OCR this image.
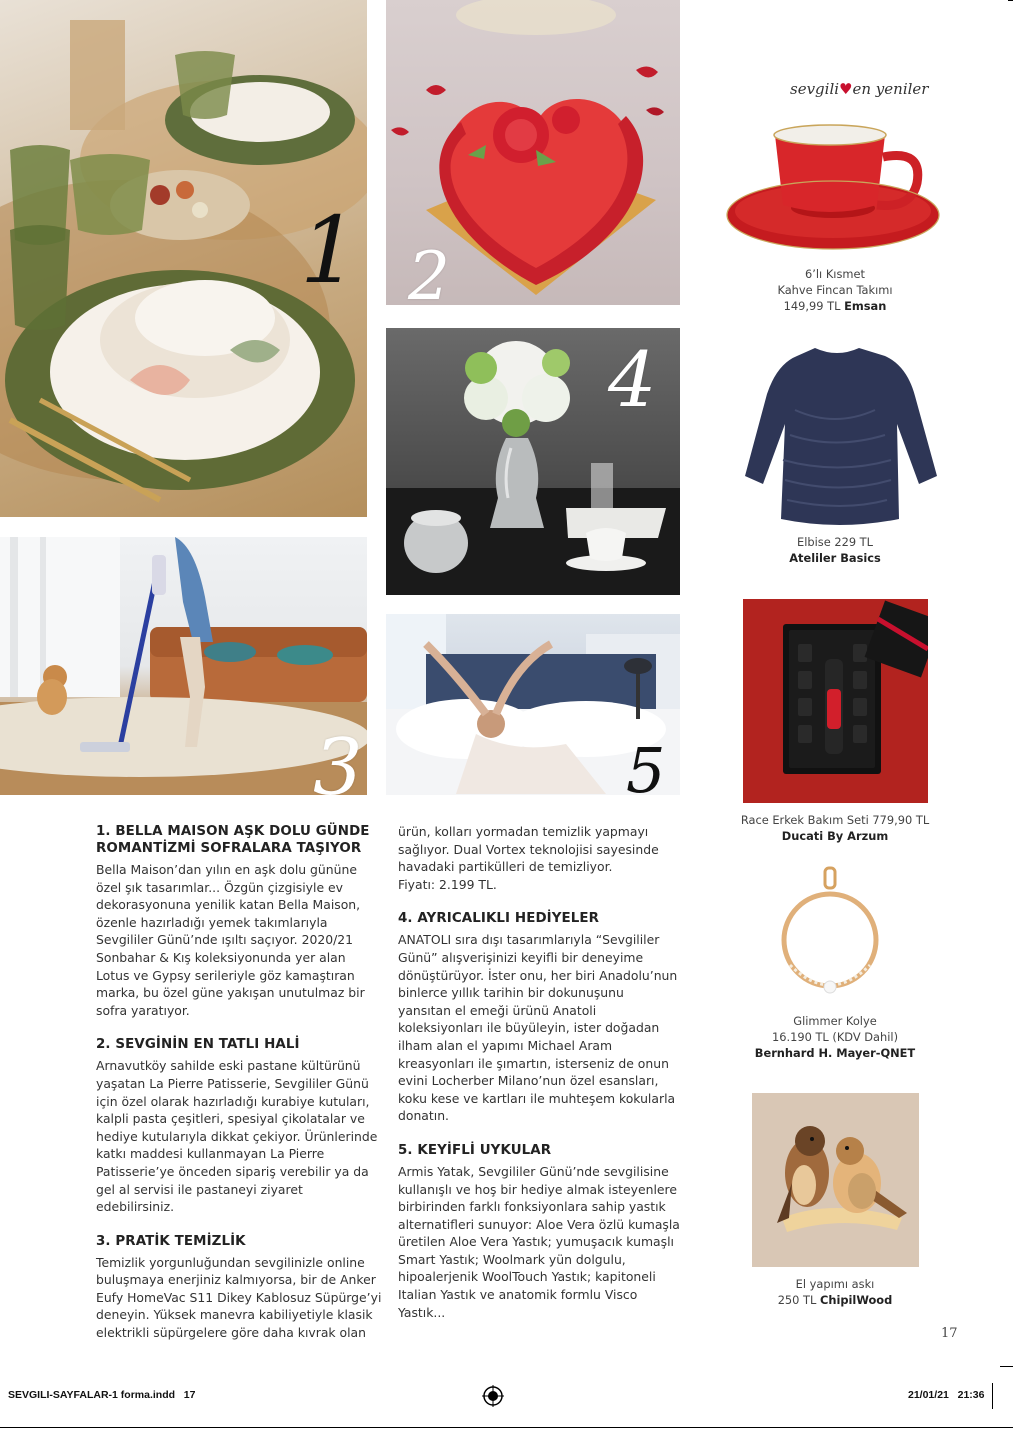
1 2
4
3	5
sevgili♥en yeniler
6’lı Kısmet
Kahve Fincan Takımı
149,99 TL Emsan
Elbise 229 TL
Ateliler Basics
Race Erkek Bakım Seti 779,90 TL
Ducati By Arzum
Glimmer Kolye
16.190 TL (KDV Dahil)
Bernhard H. Mayer-QNET
El yapımı askı
250 TL ChipilWood
1. BELLA MAISON AŞK DOLU GÜNDE ROMANTİZMİ SOFRALARA TAŞIYOR

Bella Maison’dan yılın en aşk dolu gününe özel şık tasarımlar... Özgün çizgisiyle ev dekorasyonuna yenilik katan Bella Maison, özenle hazırladığı yemek takımlarıyla Sevgililer Günü’nde ışıltı saçıyor. 2020/21 Sonbahar & Kış koleksiyonunda yer alan Lotus ve Gypsy serileriyle göz kamaştıran marka, bu özel güne yakışan unutulmaz bir sofra yaratıyor.

2. SEVGİNİN EN TATLI HALİ

Arnavutköy sahilde eski pastane kültürünü yaşatan La Pierre Patisserie, Sevgililer Günü için özel olarak hazırladığı kurabiye kutuları, kalpli pasta çeşitleri, spesiyal çikolatalar ve hediye kutularıyla dikkat çekiyor. Ürünlerinde katkı maddesi kullanmayan La Pierre Patisserie’ye önceden sipariş verebilir ya da gel al servisi ile pastaneyi ziyaret edebilirsiniz.

3. PRATİK TEMİZLİK

Temizlik yorgunluğundan sevgilinizle online buluşmaya enerjiniz kalmıyorsa, bir de Anker Eufy HomeVac S11 Dikey Kablosuz Süpürge’yi deneyin. Yüksek manevra kabiliyetiyle klasik elektrikli süpürgelere göre daha kıvrak olan

ürün, kolları yormadan temizlik yapmayı sağlıyor. Dual Vortex teknolojisi sayesinde havadaki partikülleri de temizliyor.

Fiyatı: 2.199 TL.

4. AYRICALIKLI HEDİYELER

ANATOLI sıra dışı tasarımlarıyla “Sevgililer Günü” alışverişinizi keyifli bir deneyime dönüştürüyor. İster onu, her biri Anadolu’nun binlerce yıllık tarihin bir dokunuşunu yansıtan el emeği ürünü Anatoli koleksiyonları ile büyüleyin, ister doğadan ilham alan el yapımı Michael Aram kreasyonları ile şımartın, isterseniz de onun evini Locherber Milano’nun özel esansları, koku kese ve kartları ile muhteşem kokularla donatın.

5. KEYİFLİ UYKULAR

Armis Yatak, Sevgililer Günü’nde sevgilisine kullanışlı ve hoş bir hediye almak isteyenlere birbirinden farklı fonksiyonlara sahip yastık alternatifleri sunuyor: Aloe Vera özlü kumaşla üretilen Aloe Vera Yastık; yumuşacık kumaşlı Smart Yastık; Woolmark yün dolgulu, hipoalerjenik WoolTouch Yastık; kapitoneli Italian Yastık ve anatomik formlu Visco Yastık...

17
SEVGILI-SAYFALAR-1 forma.indd   17	21/01/21   21:36
